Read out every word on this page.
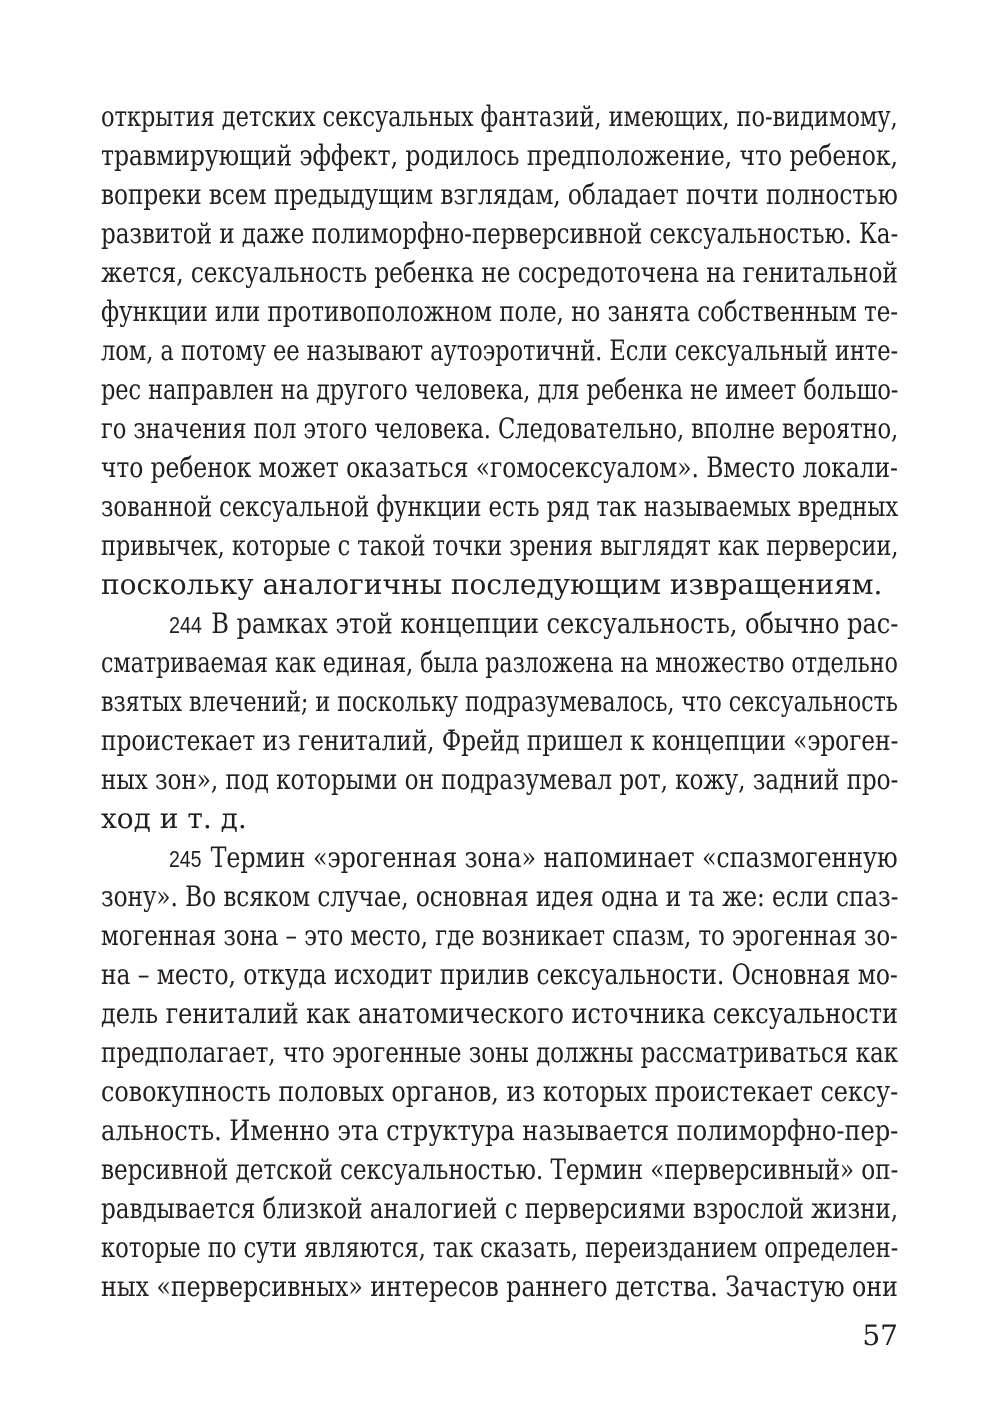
открытия детских сексуальных фантазий, имеющих, по-видимому,
травмирующий эффект, родилось предположение, что ребенок,
вопреки всем предыдущим взглядам, обладает почти полностью
развитой и даже полиморфно-перверсивной сексуальностью. Ка-
жется, сексуальность ребенка не сосредоточена на генитальной
функции или противоположном поле, но занята собственным те-
лом, а потому ее называют аутоэротичнй. Если сексуальный инте-
рес направлен на другого человека, для ребенка не имеет большо-
го значения пол этого человека. Следовательно, вполне вероятно,
что ребенок может оказаться «гомосексуалом». Вместо локали-
зованной сексуальной функции есть ряд так называемых вредных
привычек, которые с такой точки зрения выглядят как перверсии,
поскольку аналогичны последующим извращениям.
244 В рамках этой концепции сексуальность, обычно рас-
сматриваемая как единая, была разложена на множество отдельно
взятых влечений; и поскольку подразумевалось, что сексуальность
проистекает из гениталий, Фрейд пришел к концепции «эроген-
ных зон», под которыми он подразумевал рот, кожу, задний про-
ход и т. д.
245 Термин «эрогенная зона» напоминает «спазмогенную
зону». Во всяком случае, основная идея одна и та же: если спаз-
могенная зона – это место, где возникает спазм, то эрогенная зо-
на – место, откуда исходит прилив сексуальности. Основная мо-
дель гениталий как анатомического источника сексуальности
предполагает, что эрогенные зоны должны рассматриваться как
совокупность половых органов, из которых проистекает сексу-
альность. Именно эта структура называется полиморфно-пер-
версивной детской сексуальностью. Термин «перверсивный» оп-
равдывается близкой аналогией с перверсиями взрослой жизни,
которые по сути являются, так сказать, переизданием определен-
ных «перверсивных» интересов раннего детства. Зачастую они
57
